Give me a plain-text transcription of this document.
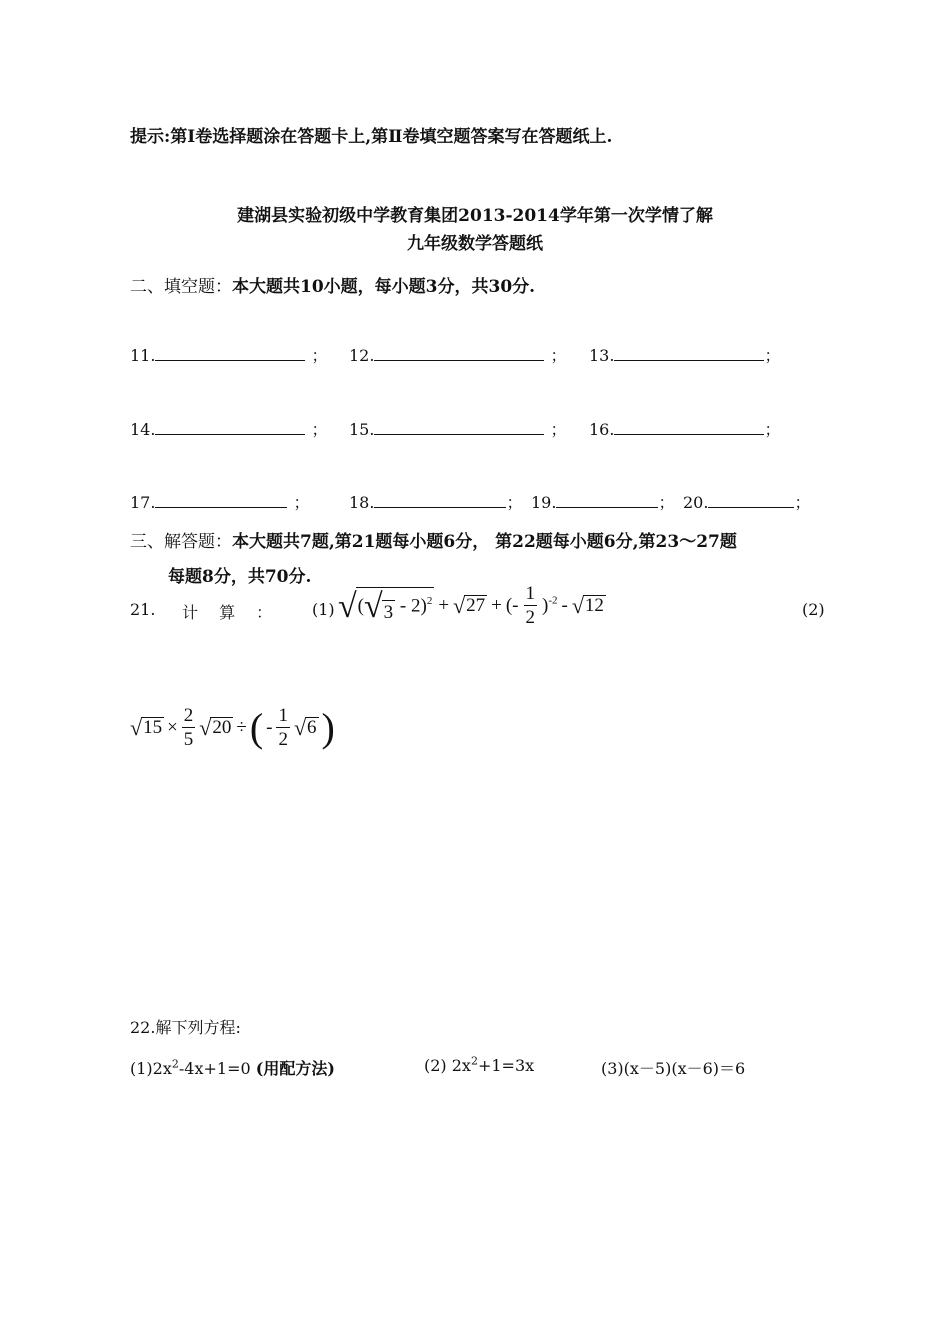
提示:第Ⅰ卷选择题涂在答题卡上,第Ⅱ卷填空题答案写在答题纸上.
建湖县实验初级中学教育集团2013-2014学年第一次学情了解
九年级数学答题纸
二、填空题：本大题共10小题，每小题3分，共30分.
11.	； 12.	； 13.	；
14.	； 15.	； 16.	；
17.	； 18.	； 19.	； 20.	；
三、解答题：本大题共7题,第21题每小题6分， 第22题每小题6分,第23～27题
每题8分，共70分.
21. 计　 算　 ： (1)	(2)
√ ( √ 3 - 2)$^2$ + √ 27 + (- $\frac{1}{2} )^{-2}$ - √ 12
√ $15 \times \frac{2}{5}$ √ 20 ÷ ( - $\frac{1}{2}$ √ 6 )
22.解下列方程:
$(1)2x^2-4x+1=0$ (用配方法)	(2) $2x^2+1=3x$	(3)(x－5)(x－6)＝6
